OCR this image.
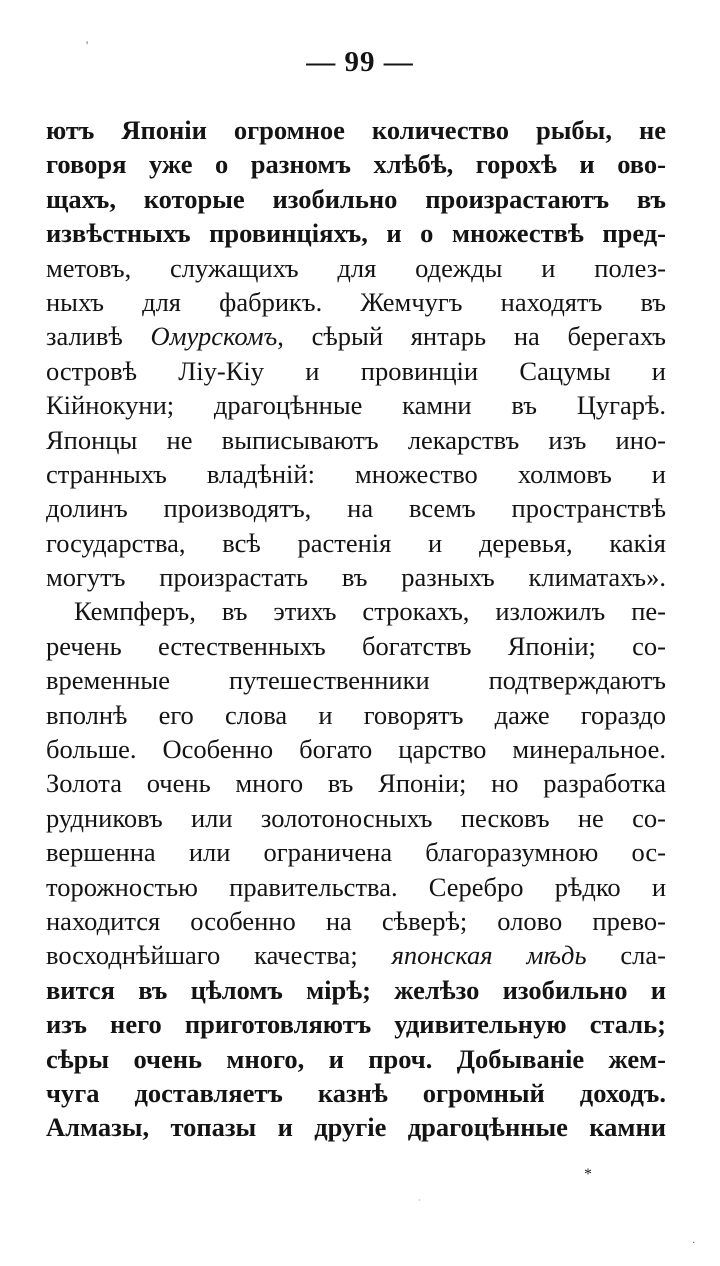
'
— 99 —
ютъ Японіи огромное количество рыбы, не
говоря уже о разномъ хлѣбѣ, горохѣ и ово-
щахъ, которые изобильно произрастаютъ въ
извѣстныхъ провинціяхъ, и о множествѣ пред-
метовъ, служащихъ для одежды и полез-
ныхъ для фабрикъ. Жемчугъ находятъ въ
заливѣ Омурскомъ, сѣрый янтарь на берегахъ
островѣ Ліу-Кіу и провинціи Сацумы и
Кійнокуни; драгоцѣнные камни въ Цугарѣ.
Японцы не выписываютъ лекарствъ изъ ино-
странныхъ владѣній: множество холмовъ и
долинъ производятъ, на всемъ пространствѣ
государства, всѣ растенія и деревья, какія
могутъ произрастать въ разныхъ климатахъ».
Кемпферъ, въ этихъ строкахъ, изложилъ пе-
речень естественныхъ богатствъ Японіи; со-
временные путешественники подтверждаютъ
вполнѣ его слова и говорятъ даже гораздо
больше. Особенно богато царство минеральное.
Золота очень много въ Японіи; но разработка
рудниковъ или золотоносныхъ песковъ не со-
вершенна или ограничена благоразумною ос-
торожностью правительства. Серебро рѣдко и
находится особенно на сѣверѣ; олово прево-
восходнѣйшаго качества; японская мѣдь сла-
вится въ цѣломъ мірѣ; желѣзо изобильно и
изъ него приготовляютъ удивительную сталь;
сѣры очень много, и проч. Добываніе жем-
чуга доставляетъ казнѣ огромный доходъ.
Алмазы, топазы и другіе драгоцѣнные камни
*
·
·
